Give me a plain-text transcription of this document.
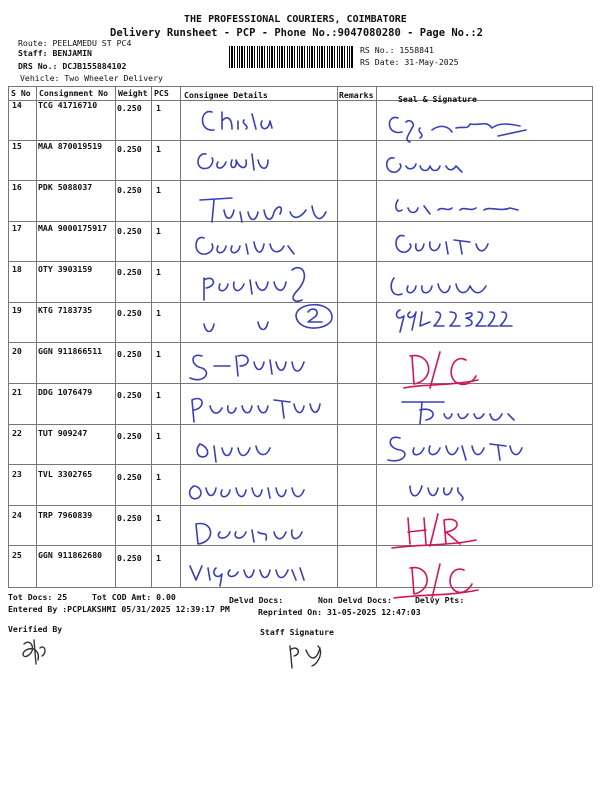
THE PROFESSIONAL COURIERS, COIMBATORE
Delivery Runsheet - PCP - Phone No.:9047080280 - Page No.:2
Route: PEELAMEDU ST PC4
Staff: BENJAMIN
DRS No.: DCJB155884102
Vehicle: Two Wheeler Delivery
RS No.: 1558841
RS Date: 31-May-2025
S No Consignment No Weight PCS Consignee Details	Remarks	Seal & Signature
14 TCG 41716710 0.250 1
15 MAA 870019519 0.250 1
16 PDK 5088037	0.250 1
17 MAA 9000175917 0.250 1
18 OTY 3903159	0.250 1
19 KTG 7183735	0.250 1
20 GGN 911866511 0.250 1
21 DDG 1076479	0.250 1
22 TUT 909247	0.250 1
23 TVL 3302765	0.250 1
24 TRP 7960839	0.250 1
25 GGN 911862680 0.250 1
Tot Docs: 25	Tot COD Amt: 0.00	Delvd Docs:	Non Delvd Docs:	Delvy Pts:
Entered By :PCPLAKSHMI 05/31/2025 12:39:17 PM	Reprinted On: 31-05-2025 12:47:03
Verified By	Staff Signature
